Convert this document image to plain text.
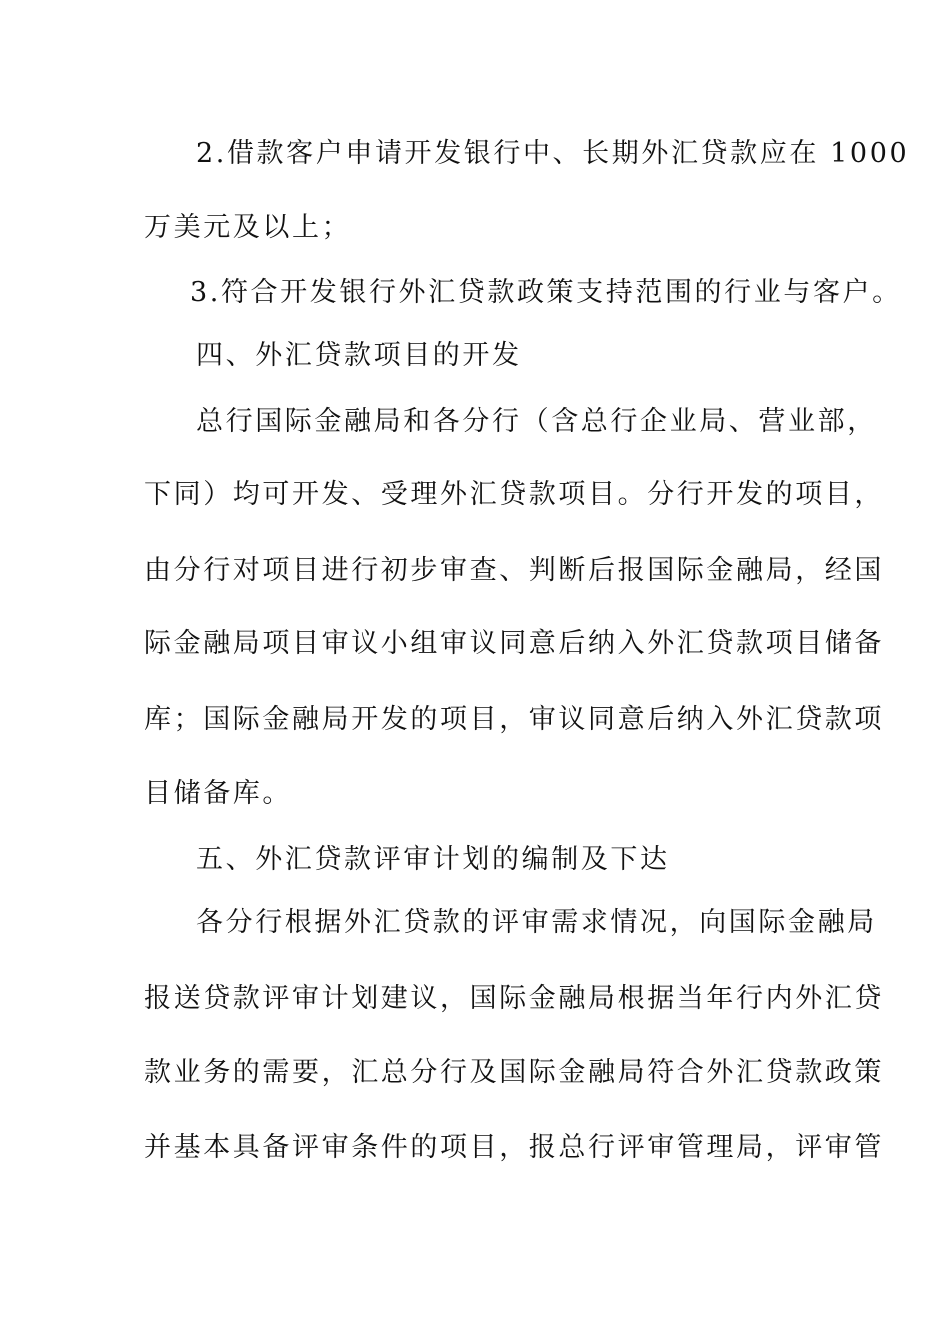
2.借款客户申请开发银行中、长期外汇贷款应在 1000
万美元及以上；
3.符合开发银行外汇贷款政策支持范围的行业与客户。
四、外汇贷款项目的开发
总行国际金融局和各分行（含总行企业局、营业部，
下同）均可开发、受理外汇贷款项目。分行开发的项目，
由分行对项目进行初步审查、判断后报国际金融局，经国
际金融局项目审议小组审议同意后纳入外汇贷款项目储备
库；国际金融局开发的项目，审议同意后纳入外汇贷款项
目储备库。
五、外汇贷款评审计划的编制及下达
各分行根据外汇贷款的评审需求情况，向国际金融局
报送贷款评审计划建议，国际金融局根据当年行内外汇贷
款业务的需要，汇总分行及国际金融局符合外汇贷款政策
并基本具备评审条件的项目，报总行评审管理局，评审管
